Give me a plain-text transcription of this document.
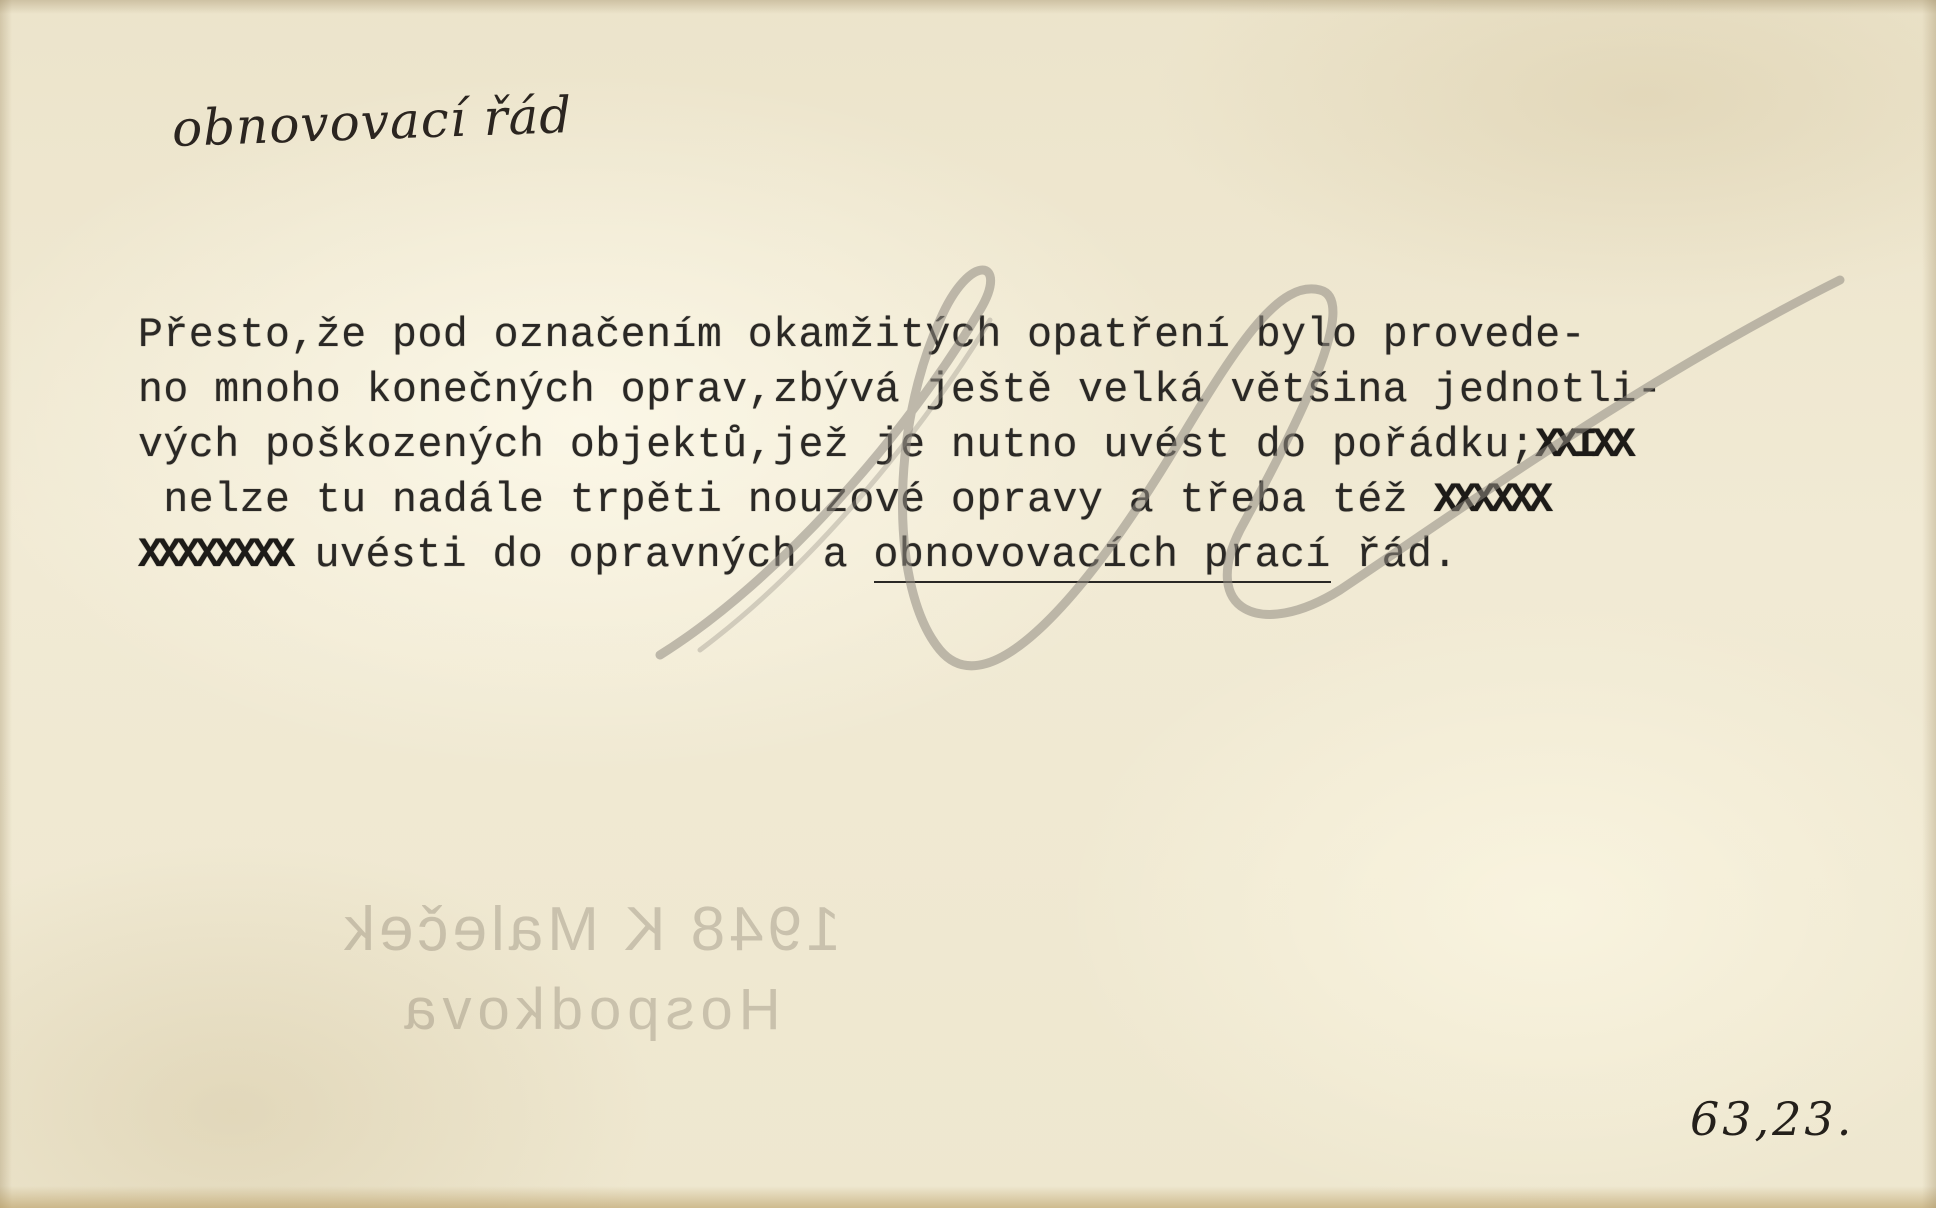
obnovovací řád
1948 K Maleček
Hospodkova
Přesto,že pod označením okamžitých opatření bylo provede-
no mnoho konečných oprav,zbývá ještě velká většina jednotli-
vých poškozených objektů,jež je nutno uvést do pořádku;XXIXX
nelze tu nadále trpěti nouzové opravy a třeba též XXXXXX
XXXXXXXX uvésti do opravných a obnovovacích prací řád.
63,23.
